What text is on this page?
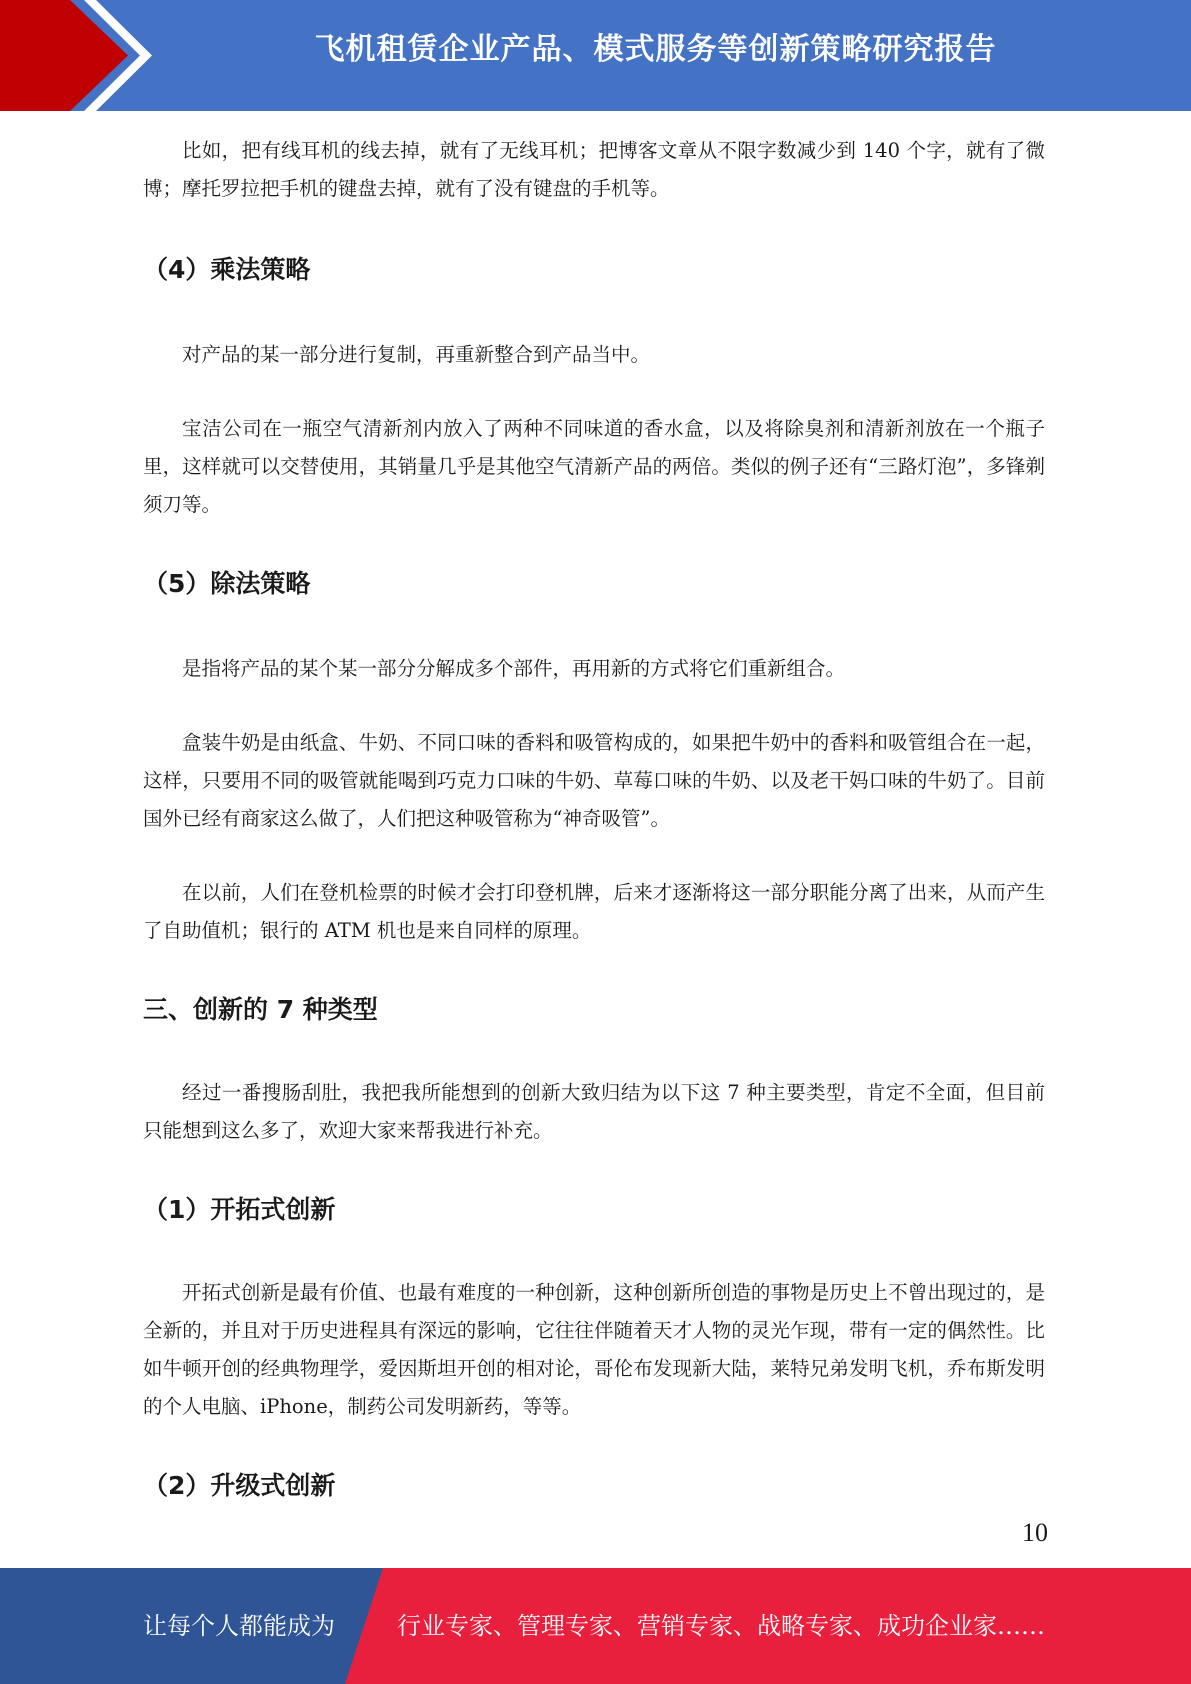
飞机租赁企业产品、模式服务等创新策略研究报告

比如，把有线耳机的线去掉，就有了无线耳机；把博客文章从不限字数减少到 140 个字，就有了微博；摩托罗拉把手机的键盘去掉，就有了没有键盘的手机等。

（4）乘法策略

对产品的某一部分进行复制，再重新整合到产品当中。

宝洁公司在一瓶空气清新剂内放入了两种不同味道的香水盒，以及将除臭剂和清新剂放在一个瓶子里，这样就可以交替使用，其销量几乎是其他空气清新产品的两倍。类似的例子还有“三路灯泡”，多锋剃须刀等。

（5）除法策略

是指将产品的某个某一部分分解成多个部件，再用新的方式将它们重新组合。

盒装牛奶是由纸盒、牛奶、不同口味的香料和吸管构成的，如果把牛奶中的香料和吸管组合在一起，这样，只要用不同的吸管就能喝到巧克力口味的牛奶、草莓口味的牛奶、以及老干妈口味的牛奶了。目前国外已经有商家这么做了，人们把这种吸管称为“神奇吸管”。

在以前，人们在登机检票的时候才会打印登机牌，后来才逐渐将这一部分职能分离了出来，从而产生了自助值机；银行的 ATM 机也是来自同样的原理。

三、创新的 7 种类型

经过一番搜肠刮肚，我把我所能想到的创新大致归结为以下这 7 种主要类型，肯定不全面，但目前只能想到这么多了，欢迎大家来帮我进行补充。

（1）开拓式创新

开拓式创新是最有价值、也最有难度的一种创新，这种创新所创造的事物是历史上不曾出现过的，是全新的，并且对于历史进程具有深远的影响，它往往伴随着天才人物的灵光乍现，带有一定的偶然性。比如牛顿开创的经典物理学，爱因斯坦开创的相对论，哥伦布发现新大陆，莱特兄弟发明飞机，乔布斯发明的个人电脑、iPhone，制药公司发明新药，等等。

（2）升级式创新
10
让每个人都能成为	行业专家、管理专家、营销专家、战略专家、成功企业家……
